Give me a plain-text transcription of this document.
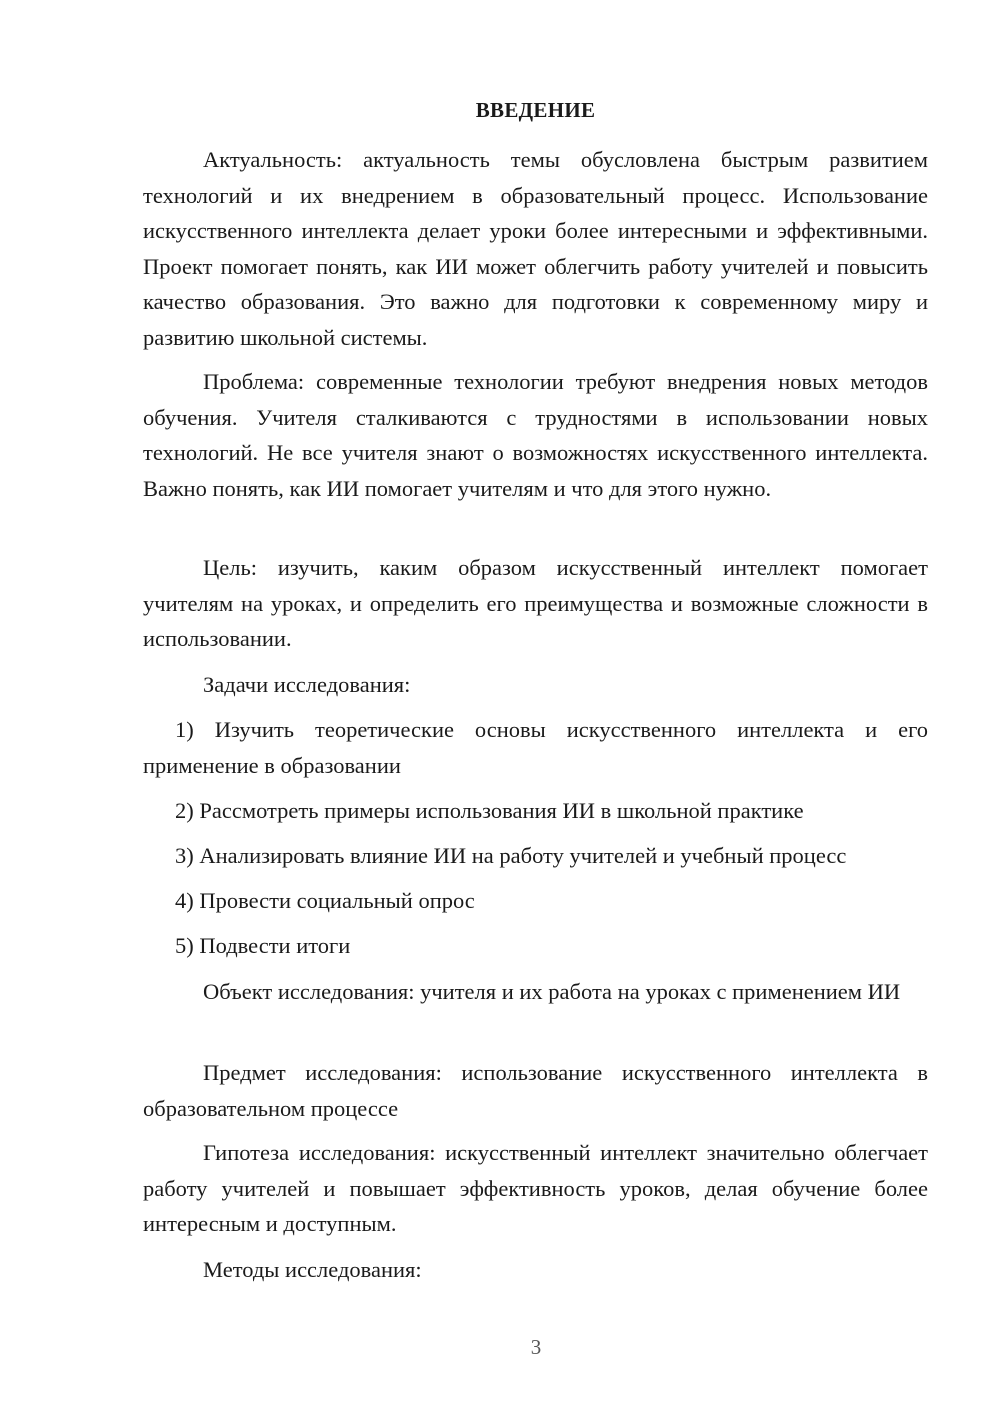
ВВЕДЕНИЕ

Актуальность: актуальность темы обусловлена быстрым развитием технологий и их внедрением в образовательный процесс. Использование искусственного интеллекта делает уроки более интересными и эффективными. Проект помогает понять, как ИИ может облегчить работу учителей и повысить качество образования. Это важно для подготовки к современному миру и развитию школьной системы.

Проблема: современные технологии требуют внедрения новых методов обучения. Учителя сталкиваются с трудностями в использовании новых технологий. Не все учителя знают о возможностях искусственного интеллекта. Важно понять, как ИИ помогает учителям и что для этого нужно.

Цель: изучить, каким образом искусственный интеллект помогает учителям на уроках, и определить его преимущества и возможные сложности в использовании.

Задачи исследования:

1) Изучить теоретические основы искусственного интеллекта и его применение в образовании

2) Рассмотреть примеры использования ИИ в школьной практике

3) Анализировать влияние ИИ на работу учителей и учебный процесс

4) Провести социальный опрос

5) Подвести итоги

Объект исследования: учителя и их работа на уроках с применением ИИ

Предмет исследования: использование искусственного интеллекта в образовательном процессе

Гипотеза исследования: искусственный интеллект значительно облегчает работу учителей и повышает эффективность уроков, делая обучение более интересным и доступным.

Методы исследования:

3
